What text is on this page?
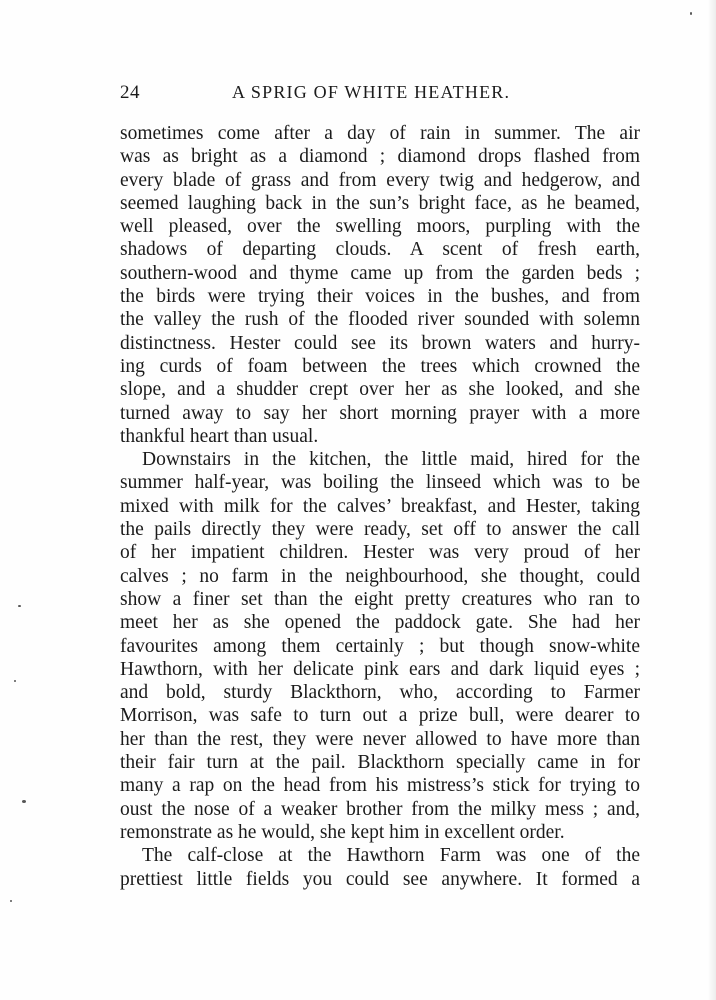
24	A SPRIG OF WHITE HEATHER.
sometimes come after a day of rain in summer. The air
was as bright as a diamond ; diamond drops flashed from
every blade of grass and from every twig and hedgerow, and
seemed laughing back in the sun’s bright face, as he beamed,
well pleased, over the swelling moors, purpling with the
shadows of departing clouds. A scent of fresh earth,
southern-wood and thyme came up from the garden beds ;
the birds were trying their voices in the bushes, and from
the valley the rush of the flooded river sounded with solemn
distinctness. Hester could see its brown waters and hurry-
ing curds of foam between the trees which crowned the
slope, and a shudder crept over her as she looked, and she
turned away to say her short morning prayer with a more
thankful heart than usual.
Downstairs in the kitchen, the little maid, hired for the
summer half-year, was boiling the linseed which was to be
mixed with milk for the calves’ breakfast, and Hester, taking
the pails directly they were ready, set off to answer the call
of her impatient children. Hester was very proud of her
calves ; no farm in the neighbourhood, she thought, could
show a finer set than the eight pretty creatures who ran to
meet her as she opened the paddock gate. She had her
favourites among them certainly ; but though snow-white
Hawthorn, with her delicate pink ears and dark liquid eyes ;
and bold, sturdy Blackthorn, who, according to Farmer
Morrison, was safe to turn out a prize bull, were dearer to
her than the rest, they were never allowed to have more than
their fair turn at the pail. Blackthorn specially came in for
many a rap on the head from his mistress’s stick for trying to
oust the nose of a weaker brother from the milky mess ; and,
remonstrate as he would, she kept him in excellent order.
The calf-close at the Hawthorn Farm was one of the
prettiest little fields you could see anywhere. It formed a
